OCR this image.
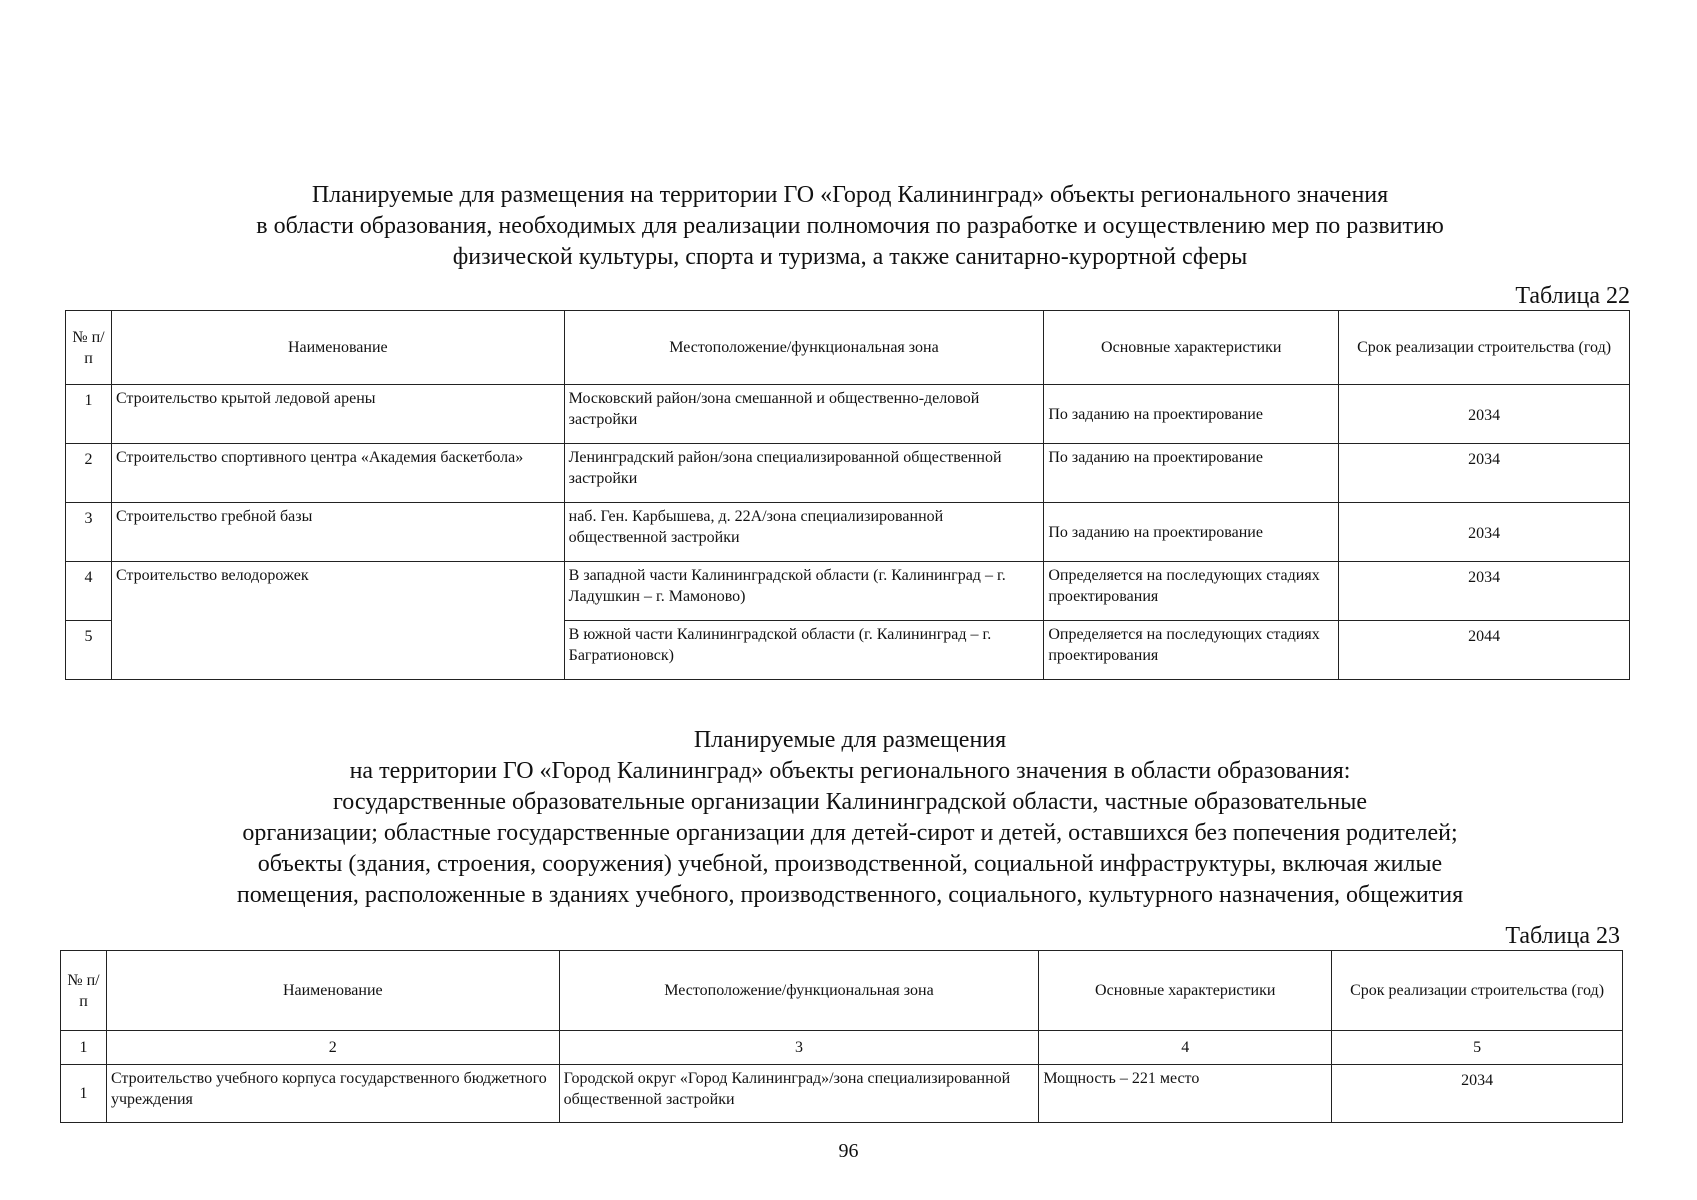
Планируемые для размещения на территории ГО «Город Калининград» объекты регионального значения
в области образования, необходимых для реализации полномочия по разработке и осуществлению мер по развитию
физической культуры, спорта и туризма, а также санитарно-курортной сферы
Таблица 22
№ п/п	Наименование	Местоположение/функциональная зона	Основные характеристики	Срок реализации строительства (год)
1	Строительство крытой ледовой арены	Московский район/зона смешанной и общественно-деловой застройки	По заданию на проектирование	2034
2	Строительство спортивного центра «Академия баскетбола»	Ленинградский район/зона специализированной общественной застройки	По заданию на проектирование	2034
3	Строительство гребной базы	наб. Ген. Карбышева, д. 22А/зона специализированной общественной застройки	По заданию на проектирование	2034
4	Строительство велодорожек	В западной части Калининградской области (г. Калининград – г. Ладушкин – г. Мамоново)	Определяется на последующих стадиях проектирования	2034
5		В южной части Калининградской области (г. Калининград – г. Багратионовск)	Определяется на последующих стадиях проектирования	2044
Планируемые для размещения
на территории ГО «Город Калининград» объекты регионального значения в области образования:
государственные образовательные организации Калининградской области, частные образовательные
организации; областные государственные организации для детей-сирот и детей, оставшихся без попечения родителей;
объекты (здания, строения, сооружения) учебной, производственной, социальной инфраструктуры, включая жилые
помещения, расположенные в зданиях учебного, производственного, социального, культурного назначения, общежития
Таблица 23
№ п/п	Наименование	Местоположение/функциональная зона	Основные характеристики	Срок реализации строительства (год)
1	2	3	4	5
1	Строительство учебного корпуса государственного бюджетного учреждения	Городской округ «Город Калининград»/зона специализированной общественной застройки	Мощность – 221 место	2034
96
